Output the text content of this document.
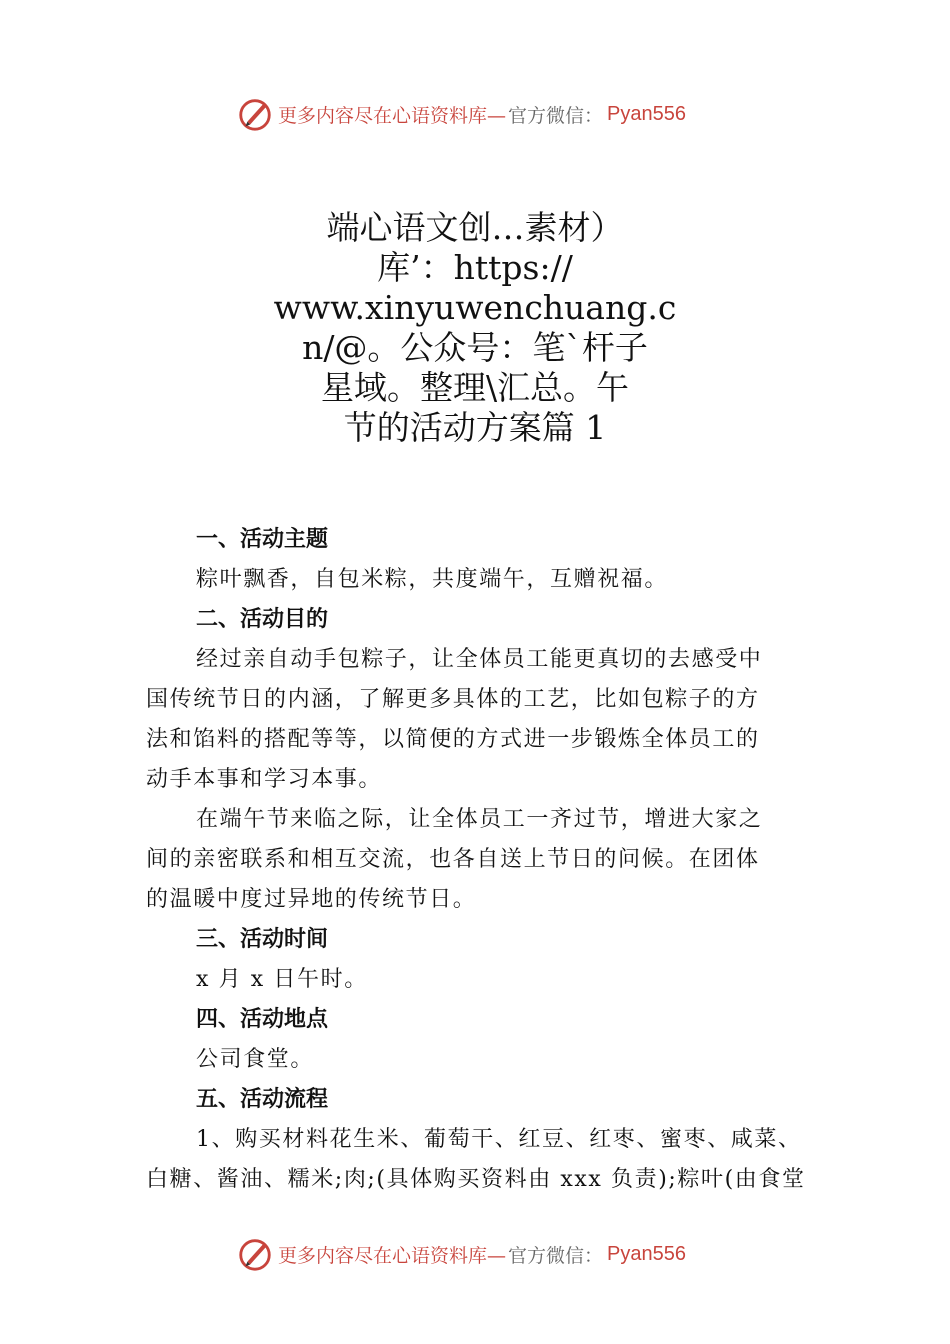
更多内容尽在心语资料库— 官方微信： Pyan556
端心语文创…素材）
库’：https://
www.xinyuwenchuang.c
n/@。公众号：笔`杆子
星域。整理\汇总。午
节的活动方案篇 1
一、活动主题
粽叶飘香，自包米粽，共度端午，互赠祝福。
二、活动目的
经过亲自动手包粽子，让全体员工能更真切的去感受中
国传统节日的内涵，了解更多具体的工艺，比如包粽子的方
法和馅料的搭配等等，以简便的方式进一步锻炼全体员工的
动手本事和学习本事。
在端午节来临之际，让全体员工一齐过节，增进大家之
间的亲密联系和相互交流，也各自送上节日的问候。在团体
的温暖中度过异地的传统节日。
三、活动时间
x 月 x 日午时。
四、活动地点
公司食堂。
五、活动流程
1、购买材料花生米、葡萄干、红豆、红枣、蜜枣、咸菜、
白糖、酱油、糯米;肉;(具体购买资料由 xxx 负责);粽叶(由食堂
更多内容尽在心语资料库— 官方微信： Pyan556
